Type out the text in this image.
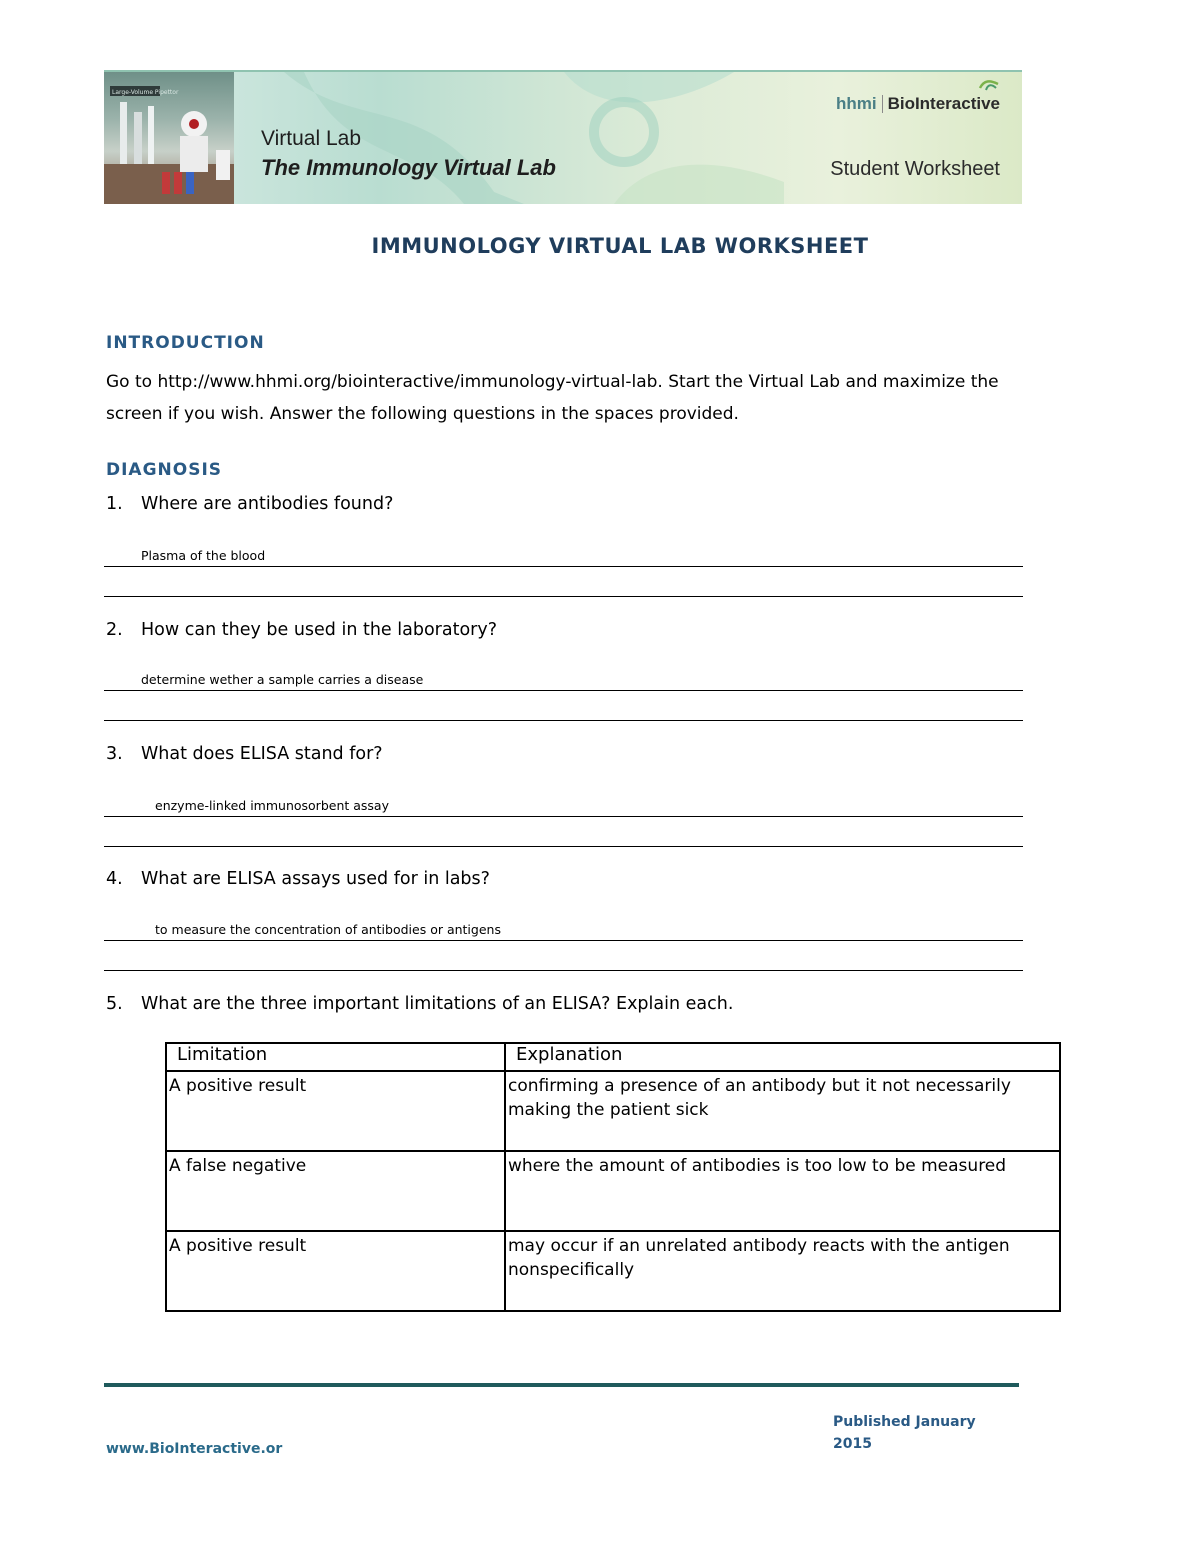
Large-Volume Pipettor
Virtual Lab
The Immunology Virtual Lab
hhmi BioInteractive
Student Worksheet
IMMUNOLOGY VIRTUAL LAB WORKSHEET
INTRODUCTION
Go to http://www.hhmi.org/biointeractive/immunology-virtual-lab. Start the Virtual Lab and maximize the screen if you wish. Answer the following questions in the spaces provided.
DIAGNOSIS
1. Where are antibodies found?
Plasma of the blood
2. How can they be used in the laboratory?
determine wether a sample carries a disease
3. What does ELISA stand for?
enzyme-linked immunosorbent assay
4. What are ELISA assays used for in labs?
to measure the concentration of antibodies or antigens
5. What are the three important limitations of an ELISA? Explain each.
Limitation	Explanation
A positive result	confirming a presence of an antibody but it not necessarily making the patient sick
A false negative	where the amount of antibodies is too low to be measured
A positive result	may occur if an unrelated antibody reacts with the antigen nonspecifically
Published January 2015
www.BioInteractive.or
